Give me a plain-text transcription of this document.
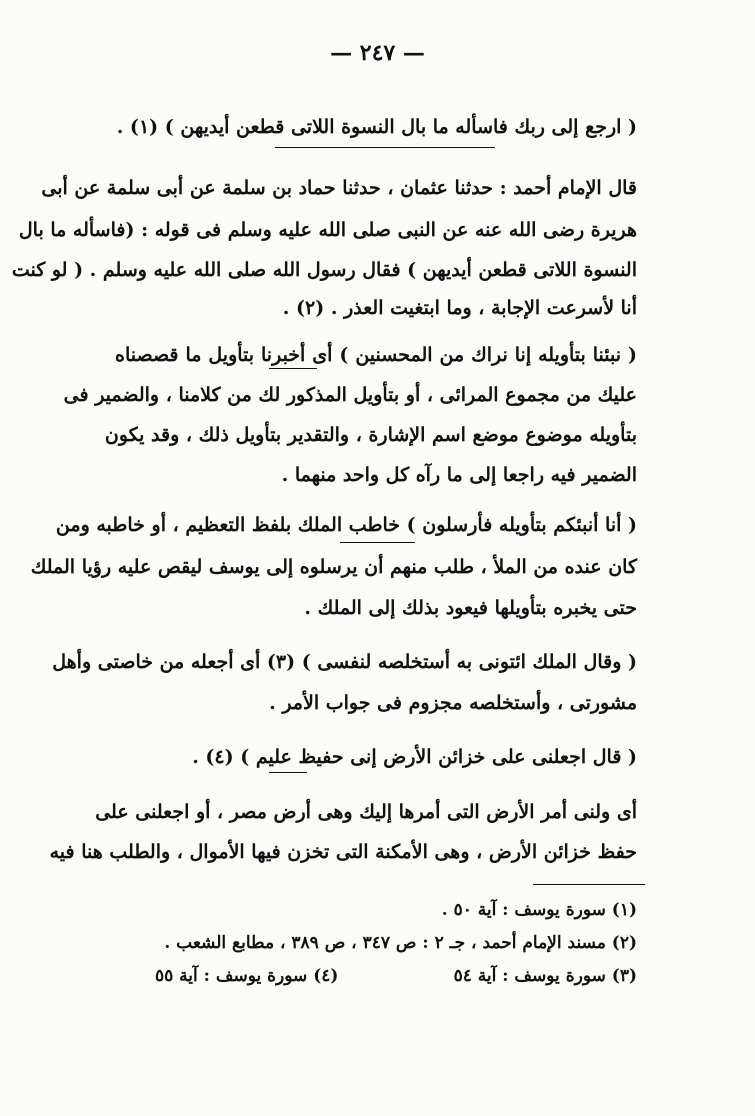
— ٢٤٧ —
( ارجع إلى ربك فاسأله ما بال النسوة اللاتى قطعن أيديهن ) (١) .
قال الإمام أحمد : حدثنا عثمان ، حدثنا حماد بن سلمة عن أبى سلمة عن أبى
هريرة رضى الله عنه عن النبى صلى الله عليه وسلم فى قوله : (فاسأله ما بال
النسوة اللاتى قطعن أيديهن ) فقال رسول الله صلى الله عليه وسلم . ( لو كنت
أنا لأسرعت الإجابة ، وما ابتغيت العذر . (٢) .
( نبئنا بتأويله إنا نراك من المحسنين ) أى أخبرنا بتأويل ما قصصناه
عليك من مجموع المرائى ، أو بتأويل المذكور لك من كلامنا ، والضمير فى
بتأويله موضوع موضع اسم الإشارة ، والتقدير بتأويل ذلك ، وقد يكون
الضمير فيه راجعا إلى ما رآه كل واحد منهما .
( أنا أنبئكم بتأويله فأرسلون ) خاطب الملك بلفظ التعظيم ، أو خاطبه ومن
كان عنده من الملأ ، طلب منهم أن يرسلوه إلى يوسف ليقص عليه رؤيا الملك
حتى يخبره بتأويلها فيعود بذلك إلى الملك .
( وقال الملك ائتونى به أستخلصه لنفسى ) (٣) أى أجعله من خاصتى وأهل
مشورتى ، وأستخلصه مجزوم فى جواب الأمر .
( قال اجعلنى على خزائن الأرض إنى حفيظ عليم ) (٤) .
أى ولنى أمر الأرض التى أمرها إليك وهى أرض مصر ، أو اجعلنى على
حفظ خزائن الأرض ، وهى الأمكنة التى تخزن فيها الأموال ، والطلب هنا فيه
(١) سورة يوسف : آية ٥٠ .
(٢) مسند الإمام أحمد ، جـ ٢ : ص ٣٤٧ ، ص ٣٨٩ ، مطابع الشعب .
(٣) سورة يوسف : آية ٥٤
(٤) سورة يوسف : آية ٥٥
